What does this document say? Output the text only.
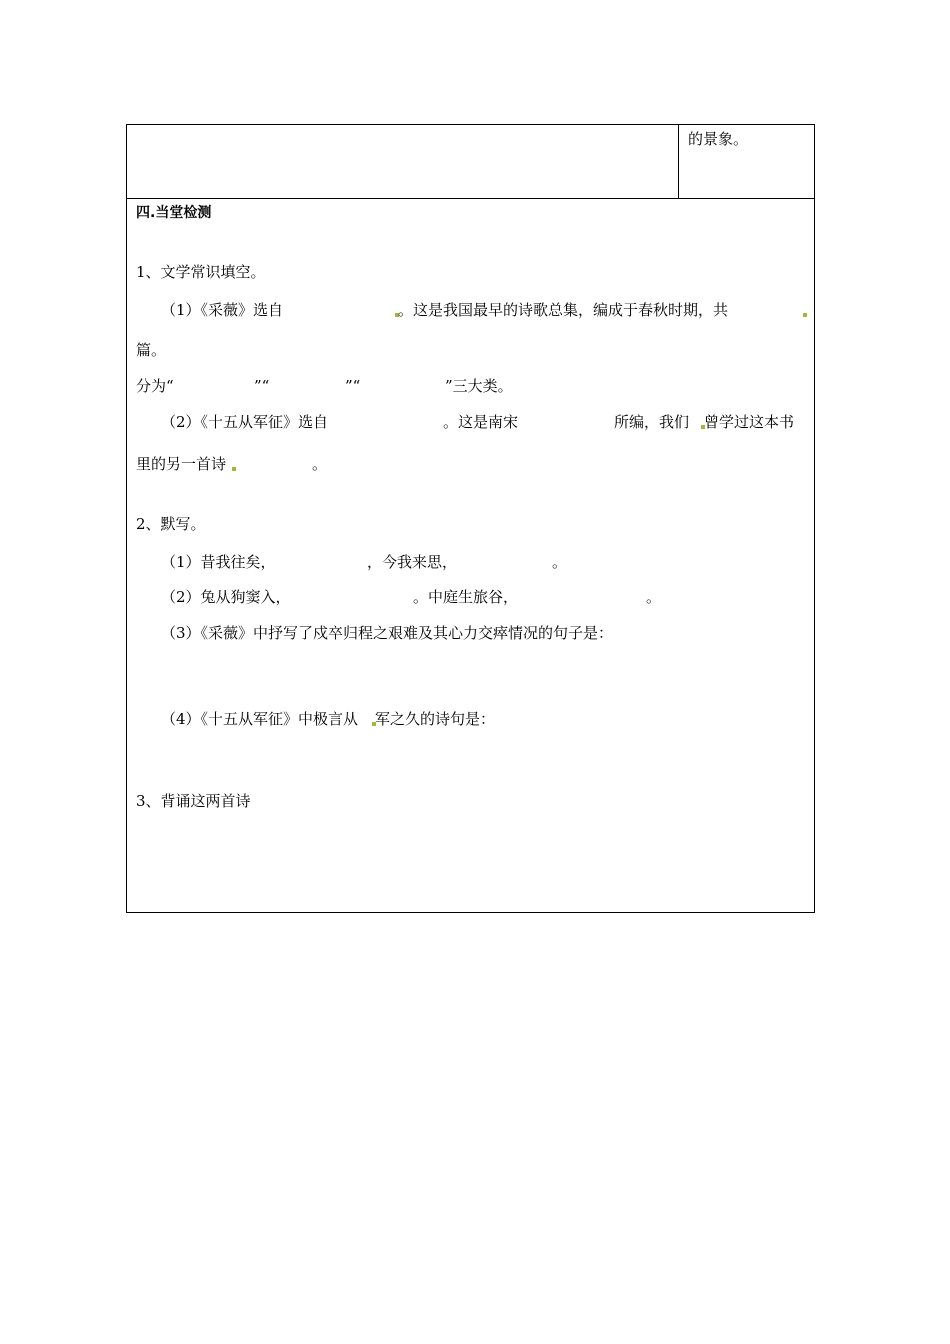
的景象。
四.当堂检测
1、文学常识填空。
（1）《采薇》选自	。这是我国最早的诗歌总集，编成于春秋时期，共
篇。
分为“	”“	”“	”三大类。
（2）《十五从军征》选自	。这是南宋	所编，我们 曾学过这本书
里的另一首诗	。
2、默写。
（1）昔我往矣，	，今我来思，	。
（2）兔从狗窦入，	。中庭生旅谷，	。
（3）《采薇》中抒写了戍卒归程之艰难及其心力交瘁情况的句子是：
（4）《十五从军征》中极言从 军之久的诗句是：
3、背诵这两首诗
